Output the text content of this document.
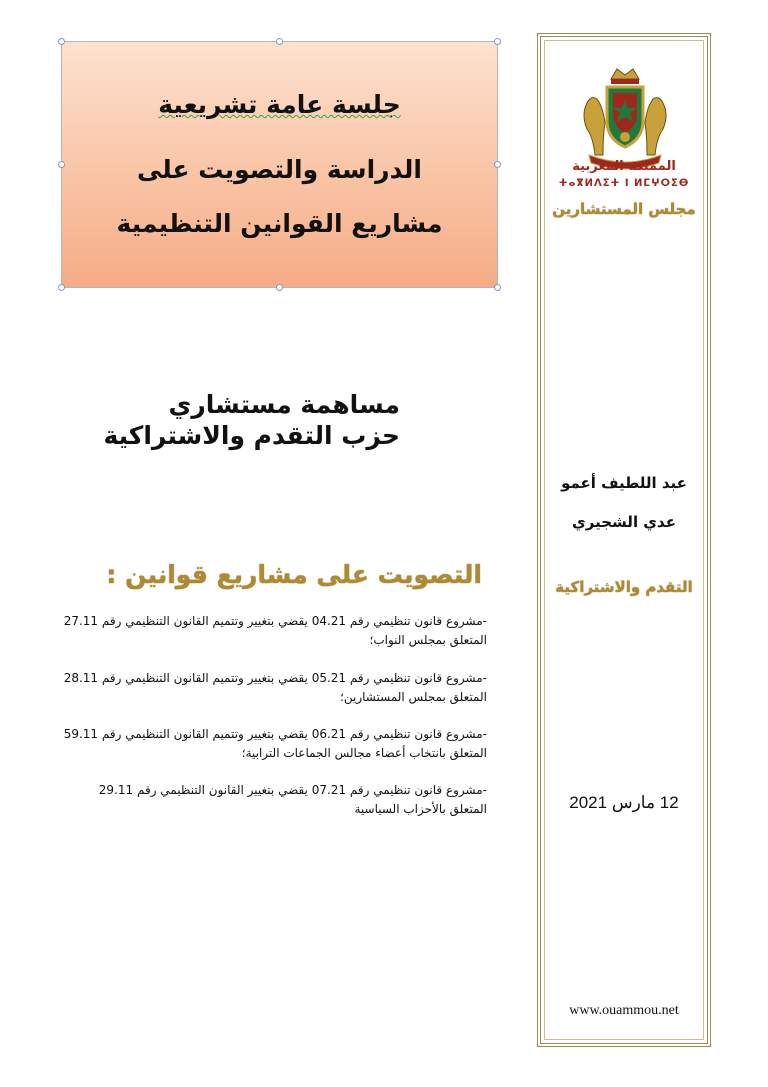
جلسة عامة تشريعية
الدراسة والتصويت على
مشاريع القوانين التنظيمية
المملكة المغربية
ⵜⴰⴳⵍⴷⵉⵜ ⵏ ⵍⵎⵖⵔⵉⴱ
مجلس المستشارين
عبد اللطيف أعمو
عدي الشجيري
التقدم والاشتراكية
12 مارس 2021
www.ouammou.net
مساهمة مستشاري
حزب التقدم والاشتراكية
التصويت على مشاريع قوانين :
-مشروع قانون تنظيمي رقم 04.21 يقضي بتغيير وتتميم القانون التنظيمي رقم 27.11
المتعلق بمجلس النواب؛
-مشروع قانون تنظيمي رقم 05.21 يقضي بتغيير وتتميم القانون التنظيمي رقم 28.11
المتعلق بمجلس المستشارين؛
-مشروع قانون تنظيمي رقم 06.21 يقضي بتغيير وتتميم القانون التنظيمي رقم 59.11
المتعلق بانتخاب أعضاء مجالس الجماعات الترابية؛
-مشروع قانون تنظيمي رقم 07.21 يقضي بتغيير القانون التنظيمي رقم 29.11
المتعلق بالأحزاب السياسية
